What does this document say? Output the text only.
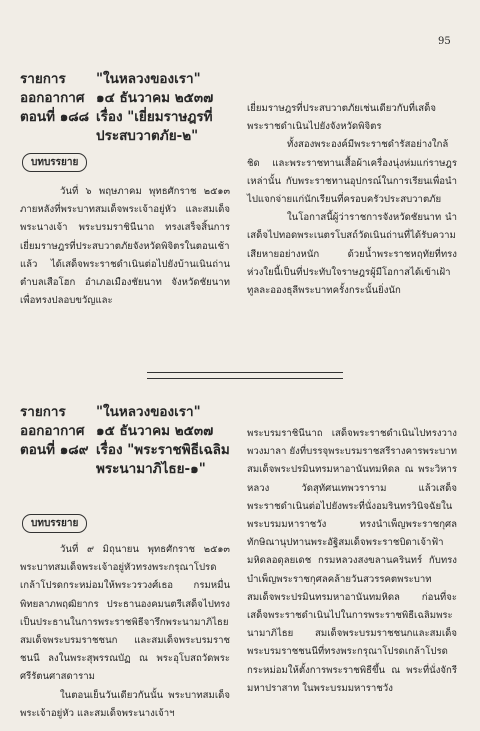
95
รายการ
ออกอากาศ
ตอนที่ ๑๘๘
"ในหลวงของเรา"
๑๔ ธันวาคม ๒๕๓๗
เรื่อง "เยี่ยมราษฎรที่
ประสบวาตภัย-๒"
บทบรรยาย

วันที่ ๖ พฤษภาคม พุทธศักราช ๒๕๑๓ ภายหลังที่พระบาทสมเด็จพระเจ้าอยู่หัว และสมเด็จพระนางเจ้า พระบรมราชินีนาถ ทรงเสร็จสิ้นการเยี่ยมราษฎรที่ประสบวาตภัยจังหวัดพิจิตรในตอนเช้าแล้ว ได้เสด็จพระราชดำเนินต่อไปยังบ้านเนินถ่าน ตำบลเสือโฮก อำเภอเมืองชัยนาท จังหวัดชัยนาท เพื่อทรงปลอบขวัญและ

เยี่ยมราษฎรที่ประสบวาตภัยเช่นเดียวกับที่เสด็จพระราชดำเนินไปยังจังหวัดพิจิตร

ทั้งสองพระองค์มีพระราชดำรัสอย่างใกล้ชิด และพระราชทานเสื้อผ้าเครื่องนุ่งห่มแก่ราษฎรเหล่านั้น กับพระราชทานอุปกรณ์ในการเรียนเพื่อนำไปแจกจ่ายแก่นักเรียนที่ครอบครัวประสบวาตภัย

ในโอกาสนี้ผู้ว่าราชการจังหวัดชัยนาท นำเสด็จไปทอดพระเนตรโบสถ์วัดเนินถ่านที่ได้รับความเสียหายอย่างหนัก ด้วยน้ำพระราชหฤทัยที่ทรงห่วงใยนี้เป็นที่ประทับใจราษฎรผู้มีโอกาสได้เข้าเฝ้าทูลละอองธุลีพระบาทครั้งกระนั้นยิ่งนัก

รายการ
ออกอากาศ
ตอนที่ ๑๘๙
"ในหลวงของเรา"
๑๕ ธันวาคม ๒๕๓๗
เรื่อง "พระราชพิธีเฉลิม
พระนามาภิไธย-๑"
บทบรรยาย

วันที่ ๙ มิถุนายน พุทธศักราช ๒๕๑๓ พระบาทสมเด็จพระเจ้าอยู่หัวทรงพระกรุณาโปรดเกล้าโปรดกระหม่อมให้พระวรวงศ์เธอ กรมหมื่นพิทยลาภพฤฒิยากร ประธานองคมนตรีเสด็จไปทรงเป็นประธานในการพระราชพิธีจารึกพระนามาภิไธยสมเด็จพระบรมราชชนก และสมเด็จพระบรมราชชนนี ลงในพระสุพรรณบัฏ ณ พระอุโบสถวัดพระศรีรัตนศาสดาราม

ในตอนเย็นวันเดียวกันนั้น พระบาทสมเด็จพระเจ้าอยู่หัว และสมเด็จพระนางเจ้าฯ

พระบรมราชินีนาถ เสด็จพระราชดำเนินไปทรงวางพวงมาลา ยังที่บรรจุพระบรมราชสรีรางคารพระบาทสมเด็จพระปรมินทรมหาอานันทมหิดล ณ พระวิหารหลวง วัดสุทัศนเทพวราราม แล้วเสด็จพระราชดำเนินต่อไปยังพระที่นั่งอมรินทรวินิจฉัยในพระบรมมหาราชวัง ทรงนำเพ็ญพระราชกุศลทักษิณานุปทานพระอัฐิสมเด็จพระราชบิดาเจ้าฟ้ามหิดลอดุลยเดช กรมหลวงสงขลานครินทร์ กับทรงบำเพ็ญพระราชกุศลคล้ายวันสวรรคตพระบาทสมเด็จพระปรมินทรมหาอานันทมหิดล ก่อนที่จะเสด็จพระราชดำเนินไปในการพระราชพิธีเฉลิมพระนามาภิไธย สมเด็จพระบรมราชชนกและสมเด็จพระบรมราชชนนีที่ทรงพระกรุณาโปรดเกล้าโปรดกระหม่อมให้ตั้งการพระราชพิธีขึ้น ณ พระที่นั่งจักรีมหาปราสาท ในพระบรมมหาราชวัง
